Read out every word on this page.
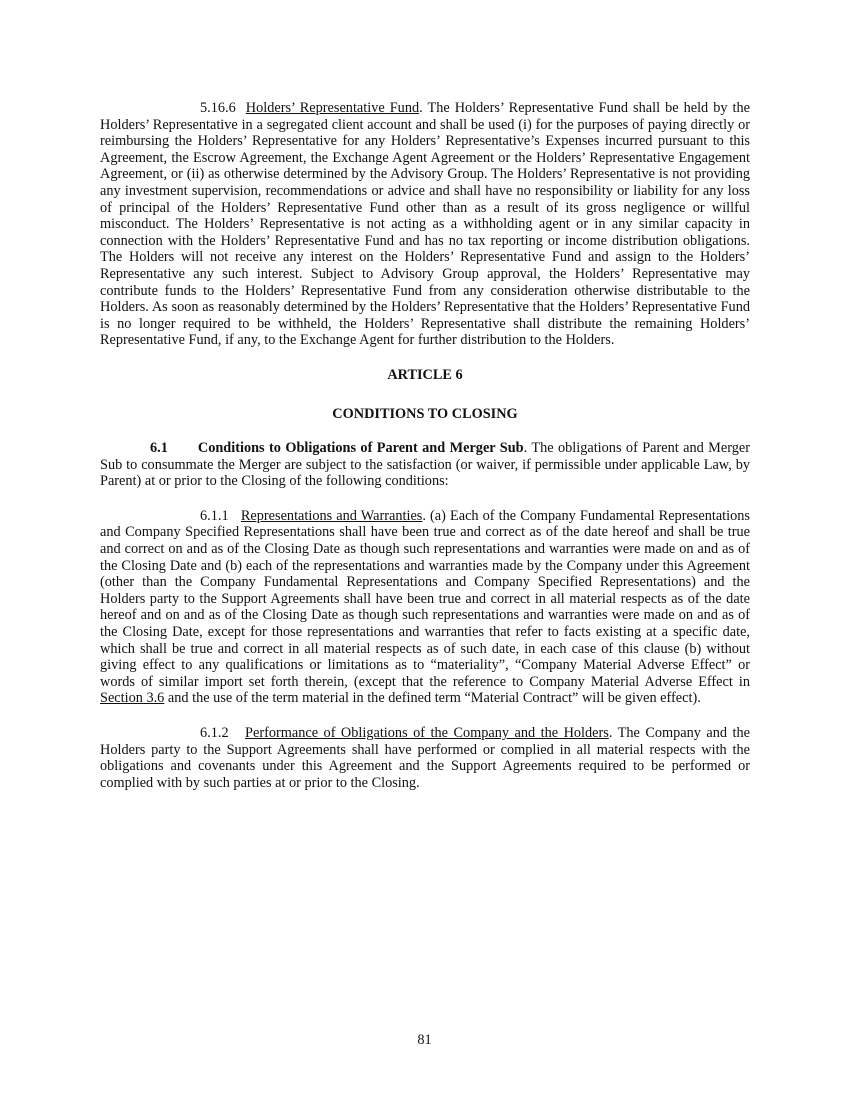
5.16.6 Holders’ Representative Fund. The Holders’ Representative Fund shall be held by the Holders’ Representative in a segregated client account and shall be used (i) for the purposes of paying directly or reimbursing the Holders’ Representative for any Holders’ Representative’s Expenses incurred pursuant to this Agreement, the Escrow Agreement, the Exchange Agent Agreement or the Holders’ Representative Engagement Agreement, or (ii) as otherwise determined by the Advisory Group. The Holders’ Representative is not providing any investment supervision, recommendations or advice and shall have no responsibility or liability for any loss of principal of the Holders’ Representative Fund other than as a result of its gross negligence or willful misconduct. The Holders’ Representative is not acting as a withholding agent or in any similar capacity in connection with the Holders’ Representative Fund and has no tax reporting or income distribution obligations. The Holders will not receive any interest on the Holders’ Representative Fund and assign to the Holders’ Representative any such interest. Subject to Advisory Group approval, the Holders’ Representative may contribute funds to the Holders’ Representative Fund from any consideration otherwise distributable to the Holders. As soon as reasonably determined by the Holders’ Representative that the Holders’ Representative Fund is no longer required to be withheld, the Holders’ Representative shall distribute the remaining Holders’ Representative Fund, if any, to the Exchange Agent for further distribution to the Holders.

ARTICLE 6

CONDITIONS TO CLOSING

6.1 Conditions to Obligations of Parent and Merger Sub. The obligations of Parent and Merger Sub to consummate the Merger are subject to the satisfaction (or waiver, if permissible under applicable Law, by Parent) at or prior to the Closing of the following conditions:

6.1.1 Representations and Warranties. (a) Each of the Company Fundamental Representations and Company Specified Representations shall have been true and correct as of the date hereof and shall be true and correct on and as of the Closing Date as though such representations and warranties were made on and as of the Closing Date and (b) each of the representations and warranties made by the Company under this Agreement (other than the Company Fundamental Representations and Company Specified Representations) and the Holders party to the Support Agreements shall have been true and correct in all material respects as of the date hereof and on and as of the Closing Date as though such representations and warranties were made on and as of the Closing Date, except for those representations and warranties that refer to facts existing at a specific date, which shall be true and correct in all material respects as of such date, in each case of this clause (b) without giving effect to any qualifications or limitations as to “materiality”, “Company Material Adverse Effect” or words of similar import set forth therein, (except that the reference to Company Material Adverse Effect in Section 3.6 and the use of the term material in the defined term “Material Contract” will be given effect).

6.1.2 Performance of Obligations of the Company and the Holders. The Company and the Holders party to the Support Agreements shall have performed or complied in all material respects with the obligations and covenants under this Agreement and the Support Agreements required to be performed or complied with by such parties at or prior to the Closing.

81
